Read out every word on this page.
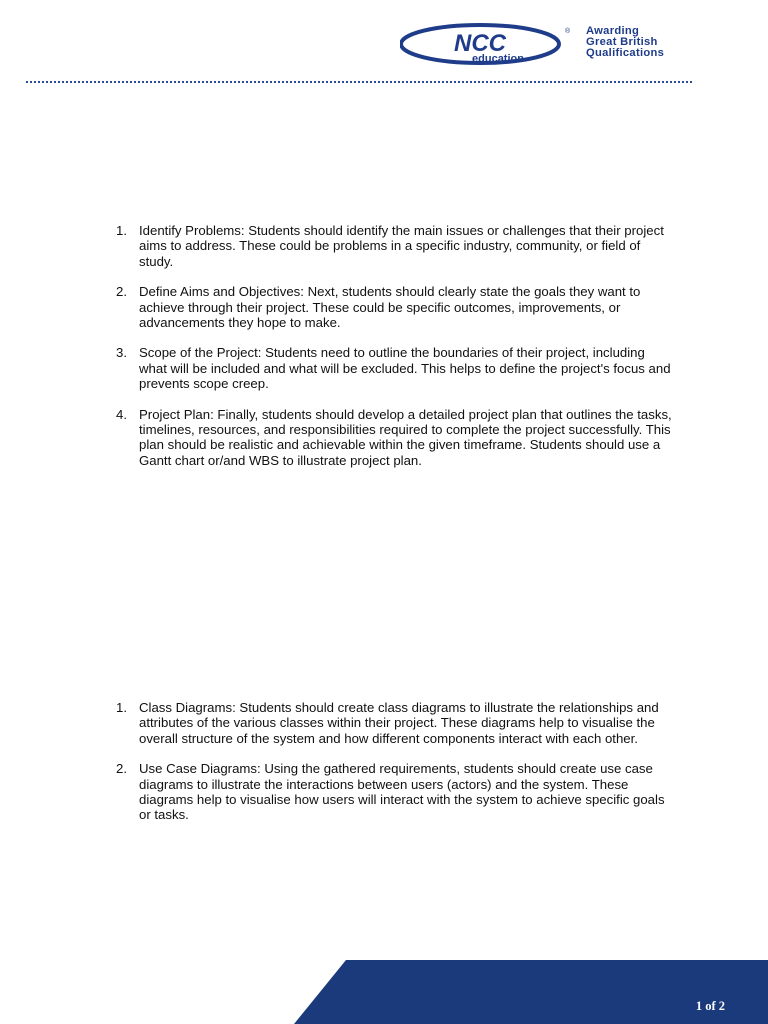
NCC
education
® Awarding
Great British
Qualifications
1. Identify Problems: Students should identify the main issues or challenges that their project aims to address. These could be problems in a specific industry, community, or field of study.
2. Define Aims and Objectives: Next, students should clearly state the goals they want to achieve through their project. These could be specific outcomes, improvements, or advancements they hope to make.
3. Scope of the Project: Students need to outline the boundaries of their project, including what will be included and what will be excluded. This helps to define the project's focus and prevents scope creep.
4. Project Plan: Finally, students should develop a detailed project plan that outlines the tasks, timelines, resources, and responsibilities required to complete the project successfully. This plan should be realistic and achievable within the given timeframe. Students should use a Gantt chart or/and WBS to illustrate project plan.
1. Class Diagrams: Students should create class diagrams to illustrate the relationships and attributes of the various classes within their project. These diagrams help to visualise the overall structure of the system and how different components interact with each other.
2. Use Case Diagrams: Using the gathered requirements, students should create use case diagrams to illustrate the interactions between users (actors) and the system. These diagrams help to visualise how users will interact with the system to achieve specific goals or tasks.
1 of 2
